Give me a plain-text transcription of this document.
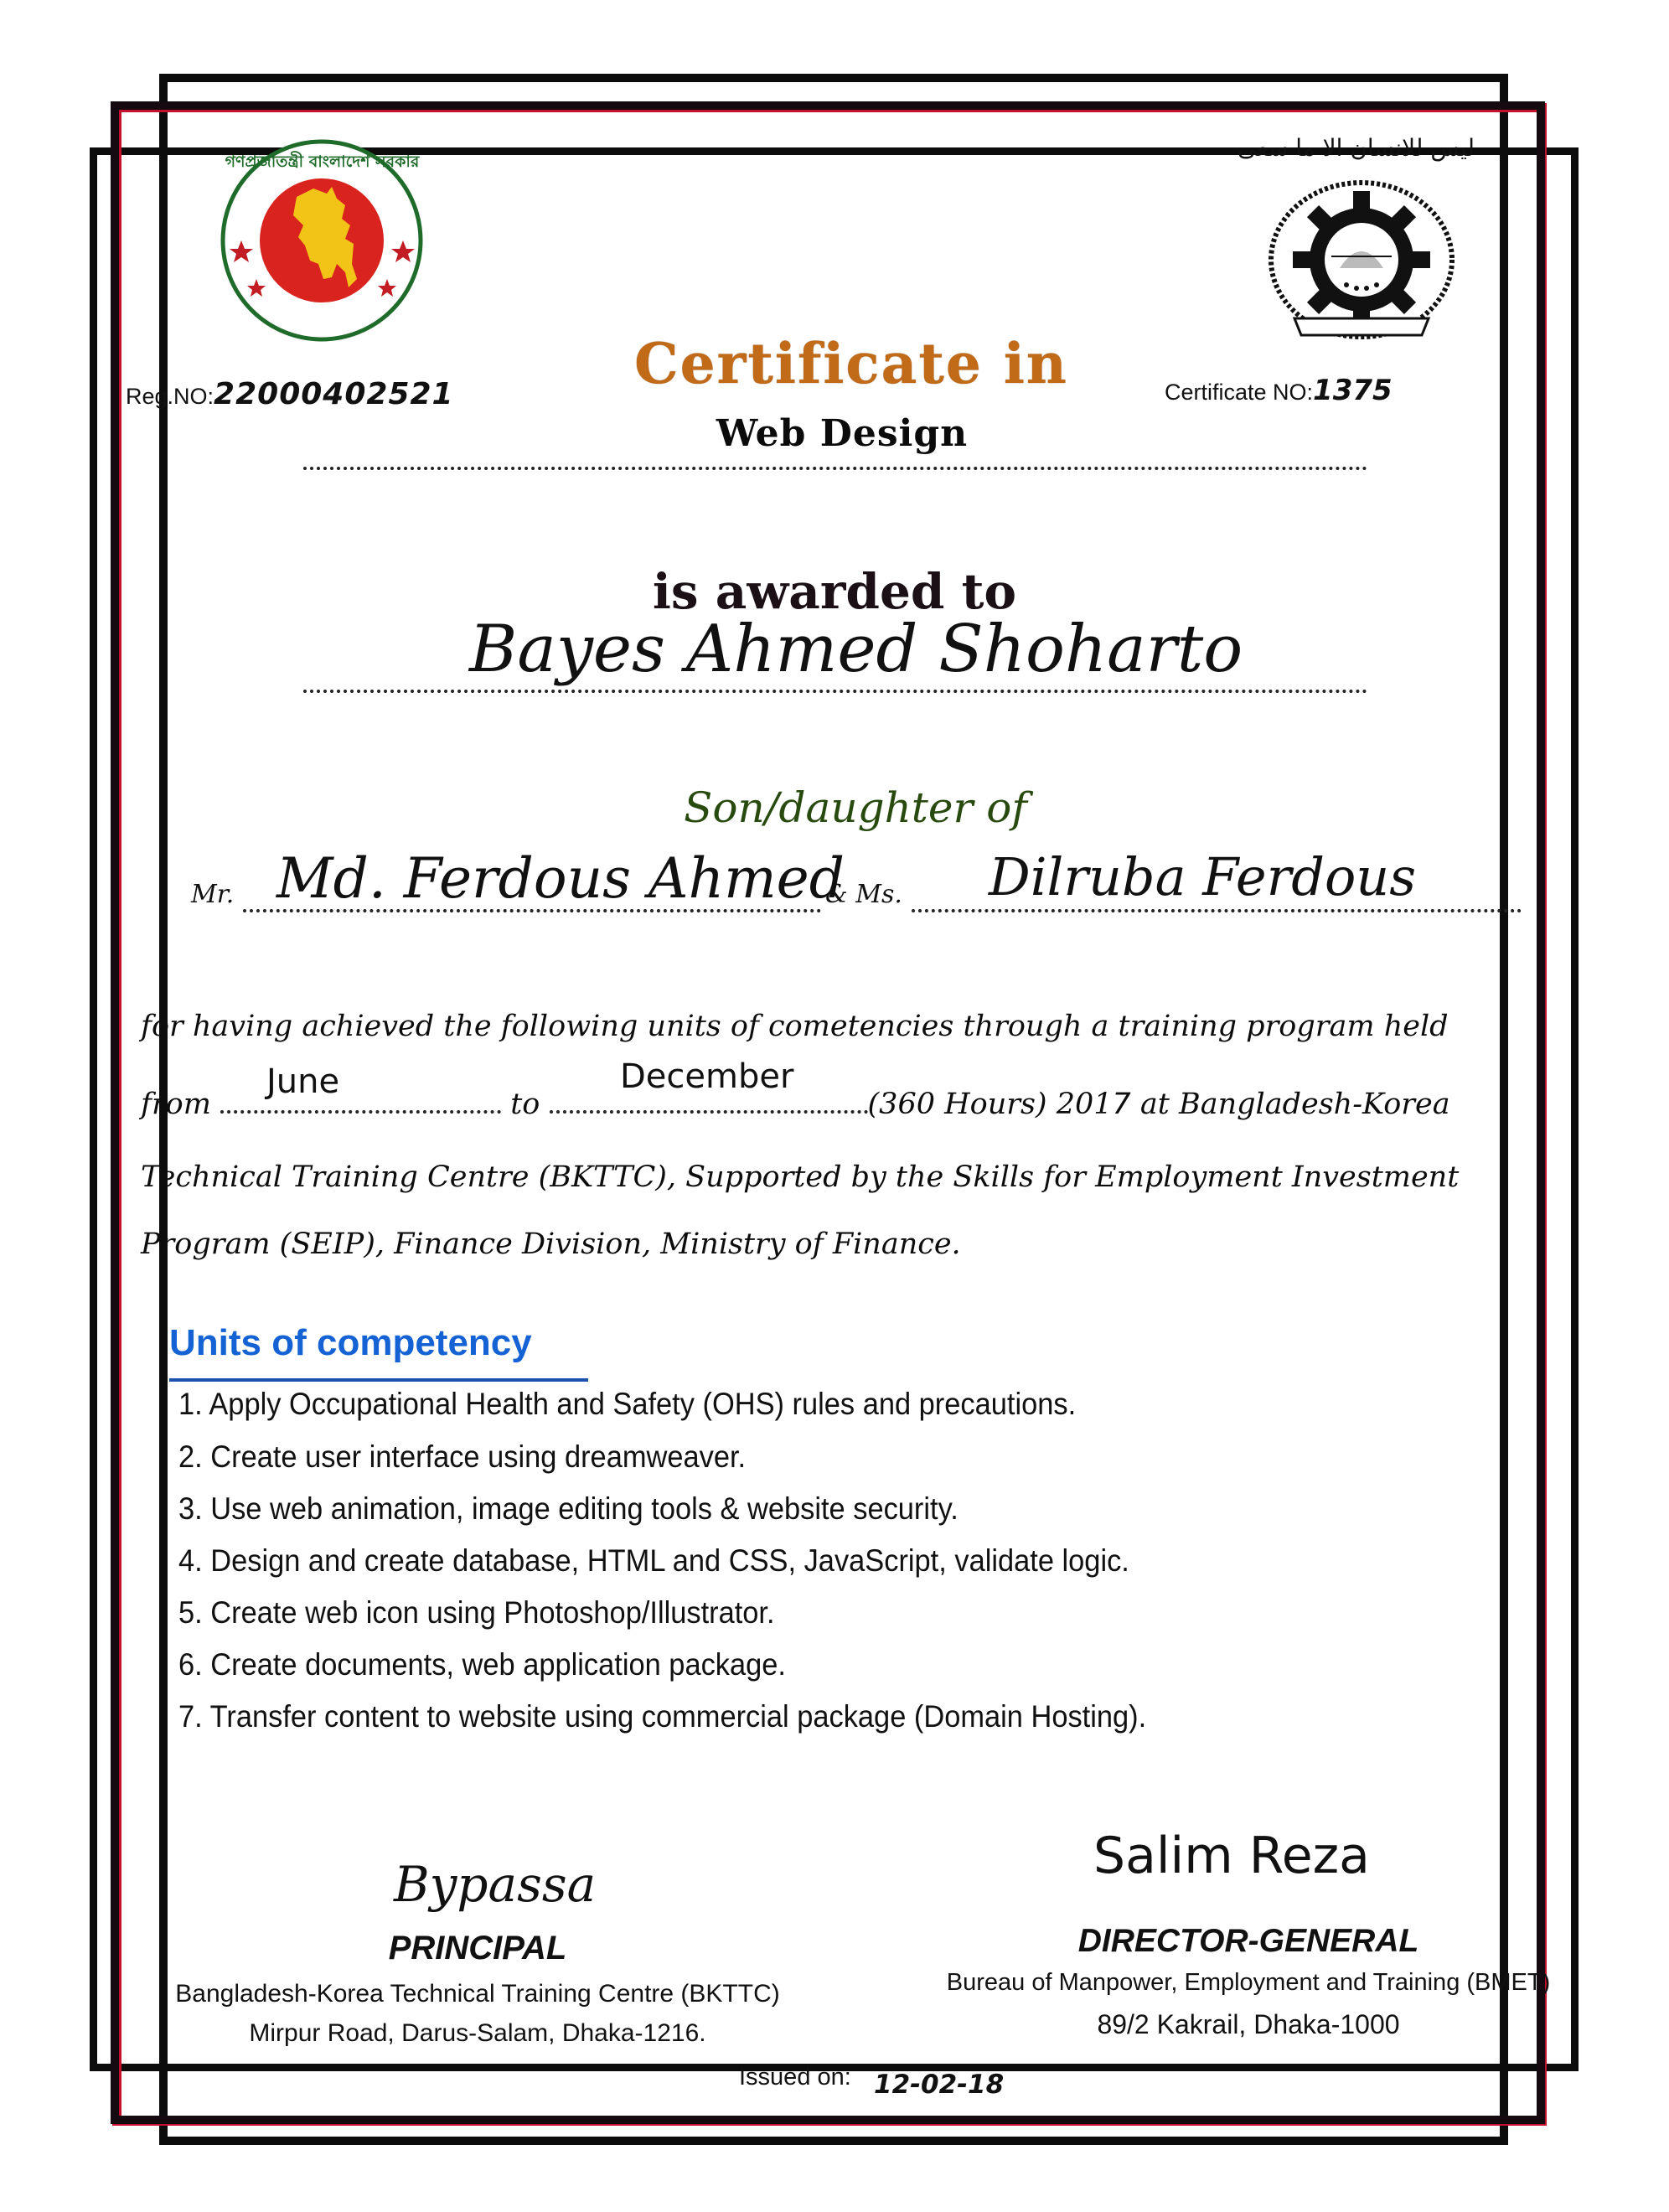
গণপ্রজাতন্ত্রী বাংলাদেশ সরকার	ليس للانسان الا ما سعى
Reg.NO:22000402521	Certificate NO:1375
Certificate in
Web Design
is awarded to
Bayes Ahmed Shoharto
Son/daughter of
Mr. Md. Ferdous Ahmed
& Ms. Dilruba Ferdous
for having achieved the following units of cometencies through a training program held
from	to	(360 Hours) 2017 at Bangladesh-Korea
June	December
Technical Training Centre (BKTTC), Supported by the Skills for Employment Investment
Program (SEIP), Finance Division, Ministry of Finance.
Units of competency
1. Apply Occupational Health and Safety (OHS) rules and precautions.
2. Create user interface using dreamweaver.
3. Use web animation, image editing tools & website security.
4. Design and create database, HTML and CSS, JavaScript, validate logic.
5. Create web icon using Photoshop/Illustrator.
6. Create documents, web application package.
7. Transfer content to website using commercial package (Domain Hosting).
Bypassa
PRINCIPAL
Bangladesh-Korea Technical Training Centre (BKTTC)
Mirpur Road, Darus-Salam, Dhaka-1216.
Salim Reza
DIRECTOR-GENERAL
Bureau of Manpower, Employment and Training (BMET)
89/2 Kakrail, Dhaka-1000
Issued on: 12-02-18
